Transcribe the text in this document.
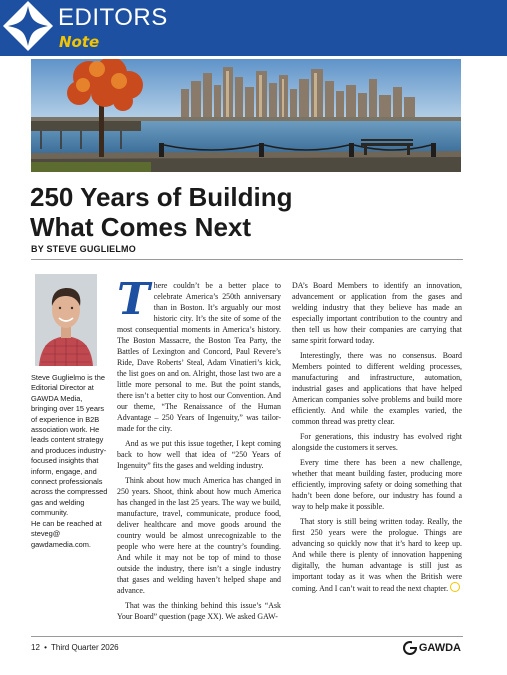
EDITORS
Note
250 Years of Building What Comes Next
BY STEVE GUGLIELMO

Steve Guglielmo is the Editorial Director at GAWDA Media, bringing over 15 years of experience in B2B association work. He leads content strategy and produces industry-focused insights that inform, engage, and connect professionals across the compressed gas and welding community.

He can be reached at steveg@ gawdamedia.com.

There couldn’t be a better place to celebrate America’s 250th anniversary than in Boston. It’s arguably our most historic city. It’s the site of some of the most consequential moments in America’s history. The Boston Massacre, the Boston Tea Party, the Battles of Lexington and Concord, Paul Revere’s Ride, Dave Roberts’ Steal, Adam Vinatieri’s kick, the list goes on and on. Alright, those last two are a little more personal to me. But the point stands, there isn’t a better city to host our Convention. And our theme, “The Renaissance of the Human Advantage – 250 Years of Ingenuity,” was tailor-made for the city.

And as we put this issue together, I kept coming back to how well that idea of “250 Years of Ingenuity” fits the gases and welding industry.

Think about how much America has changed in 250 years. Shoot, think about how much America has changed in the last 25 years. The way we build, manufacture, travel, communicate, produce food, deliver healthcare and move goods around the country would be almost unrecognizable to the people who were here at the country’s founding. And while it may not be top of mind to those outside the industry, there isn’t a single industry that gases and welding haven’t helped shape and advance.

That was the thinking behind this issue’s “Ask Your Board” question (page XX). We asked GAW-

DA’s Board Members to identify an innovation, advancement or application from the gases and welding industry that they believe has made an especially important contribution to the country and then tell us how their companies are carrying that same spirit forward today.

Interestingly, there was no consensus. Board Members pointed to different welding processes, manufacturing and infrastructure, automation, industrial gases and applications that have helped American companies solve problems and build more efficiently. And while the examples varied, the common thread was pretty clear.

For generations, this industry has evolved right alongside the customers it serves.

Every time there has been a new challenge, whether that meant building faster, producing more efficiently, improving safety or doing something that hadn’t been done before, our industry has found a way to help make it possible.

That story is still being written today. Really, the first 250 years were the prologue. Things are advancing so quickly now that it’s hard to keep up. And while there is plenty of innovation happening digitally, the human advantage is still just as important today as it was when the British were coming. And I can’t wait to read the next chapter.

12 • Third Quarter 2026	GAWDA
